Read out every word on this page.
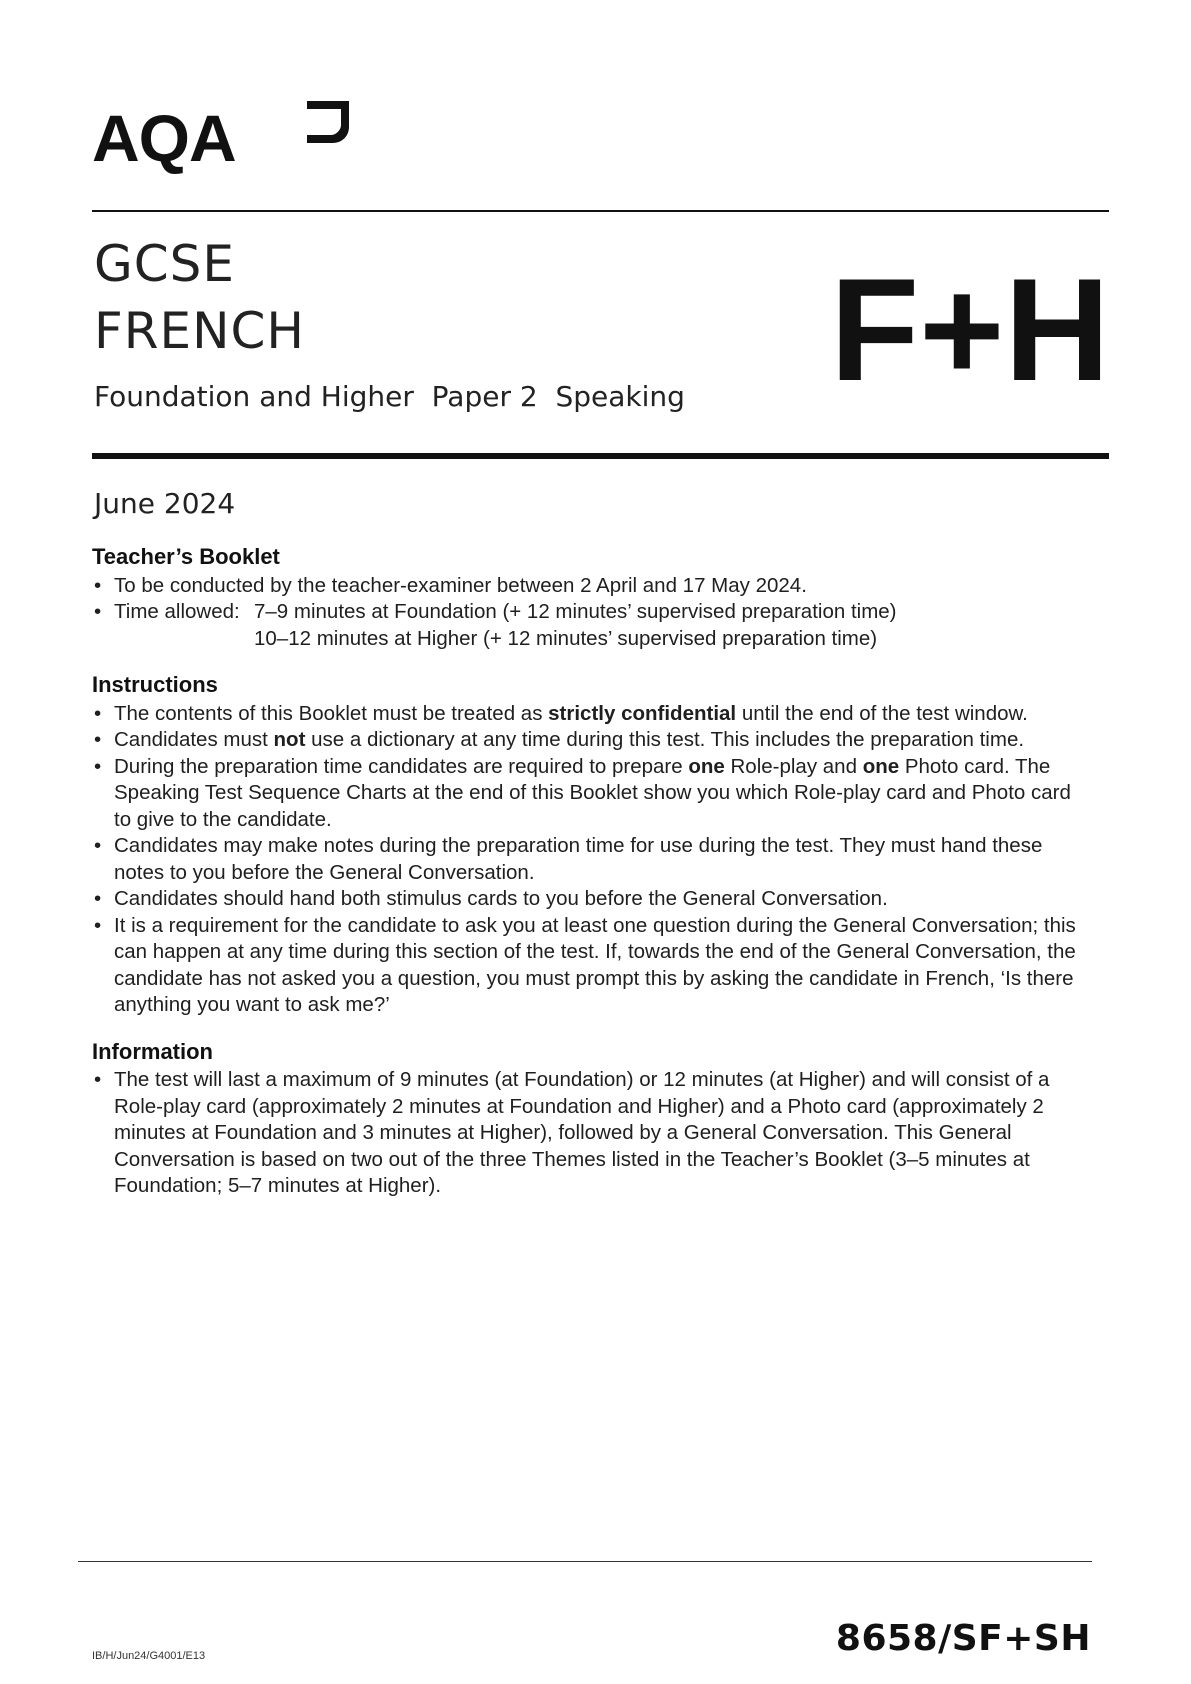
AQA
GCSE
FRENCH
Foundation and Higher  Paper 2  Speaking F+H
June 2024
Teacher’s Booklet
• To be conducted by the teacher-examiner between 2 April and 17 May 2024.
• Time allowed: 7–9 minutes at Foundation (+ 12 minutes’ supervised preparation time)
10–12 minutes at Higher (+ 12 minutes’ supervised preparation time)
Instructions
• The contents of this Booklet must be treated as strictly confidential until the end of the test window.
• Candidates must not use a dictionary at any time during this test. This includes the preparation time.
• During the preparation time candidates are required to prepare one Role-play and one Photo card. The Speaking Test Sequence Charts at the end of this Booklet show you which Role-play card and Photo card to give to the candidate.
• Candidates may make notes during the preparation time for use during the test. They must hand these notes to you before the General Conversation.
• Candidates should hand both stimulus cards to you before the General Conversation.
• It is a requirement for the candidate to ask you at least one question during the General Conversation; this can happen at any time during this section of the test. If, towards the end of the General Conversation, the candidate has not asked you a question, you must prompt this by asking the candidate in French, ‘Is there anything you want to ask me?’
Information
• The test will last a maximum of 9 minutes (at Foundation) or 12 minutes (at Higher) and will consist of a Role-play card (approximately 2 minutes at Foundation and Higher) and a Photo card (approximately 2 minutes at Foundation and 3 minutes at Higher), followed by a General Conversation. This General Conversation is based on two out of the three Themes listed in the Teacher’s Booklet (3–5 minutes at Foundation; 5–7 minutes at Higher).
IB/H/Jun24/G4001/E13	8658/SF+SH
